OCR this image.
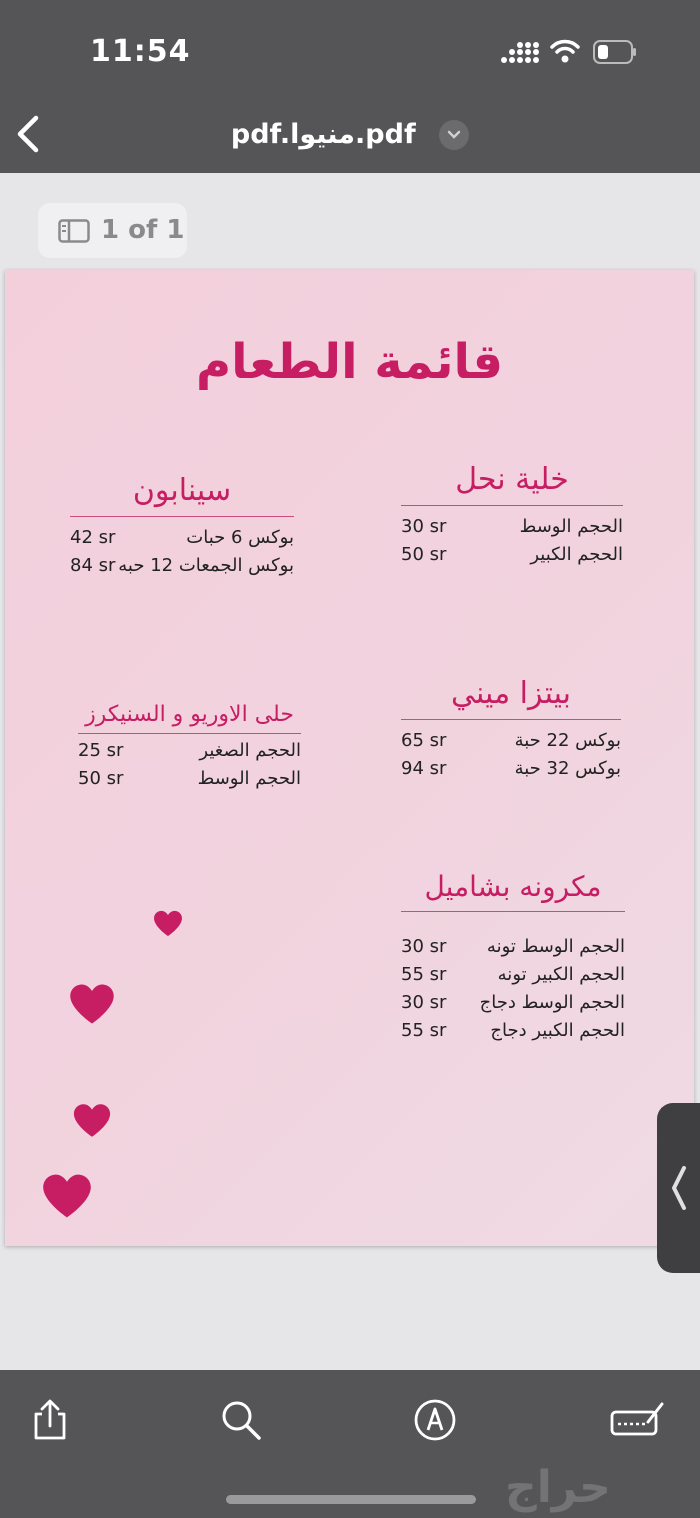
11:54
pdf.منيوا.pdf
1 of 1
قائمة الطعام
خلية نحل
30 sr	الحجم الوسط
50 sr	الحجم الكبير
سينابون
42 sr	بوكس 6 حبات
84 sr بوكس الجمعات 12 حبه
بيتزا ميني
65 sr	بوكس 22 حبة
94 sr	بوكس 32 حبة
حلى الاوريو و السنيكرز
25 sr	الحجم الصغير
50 sr	الحجم الوسط
مكرونه بشاميل
30 sr الحجم الوسط تونه
55 sr	الحجم الكبير تونه
30 sr الحجم الوسط دجاج
55 sr الحجم الكبير دجاج
حراج
